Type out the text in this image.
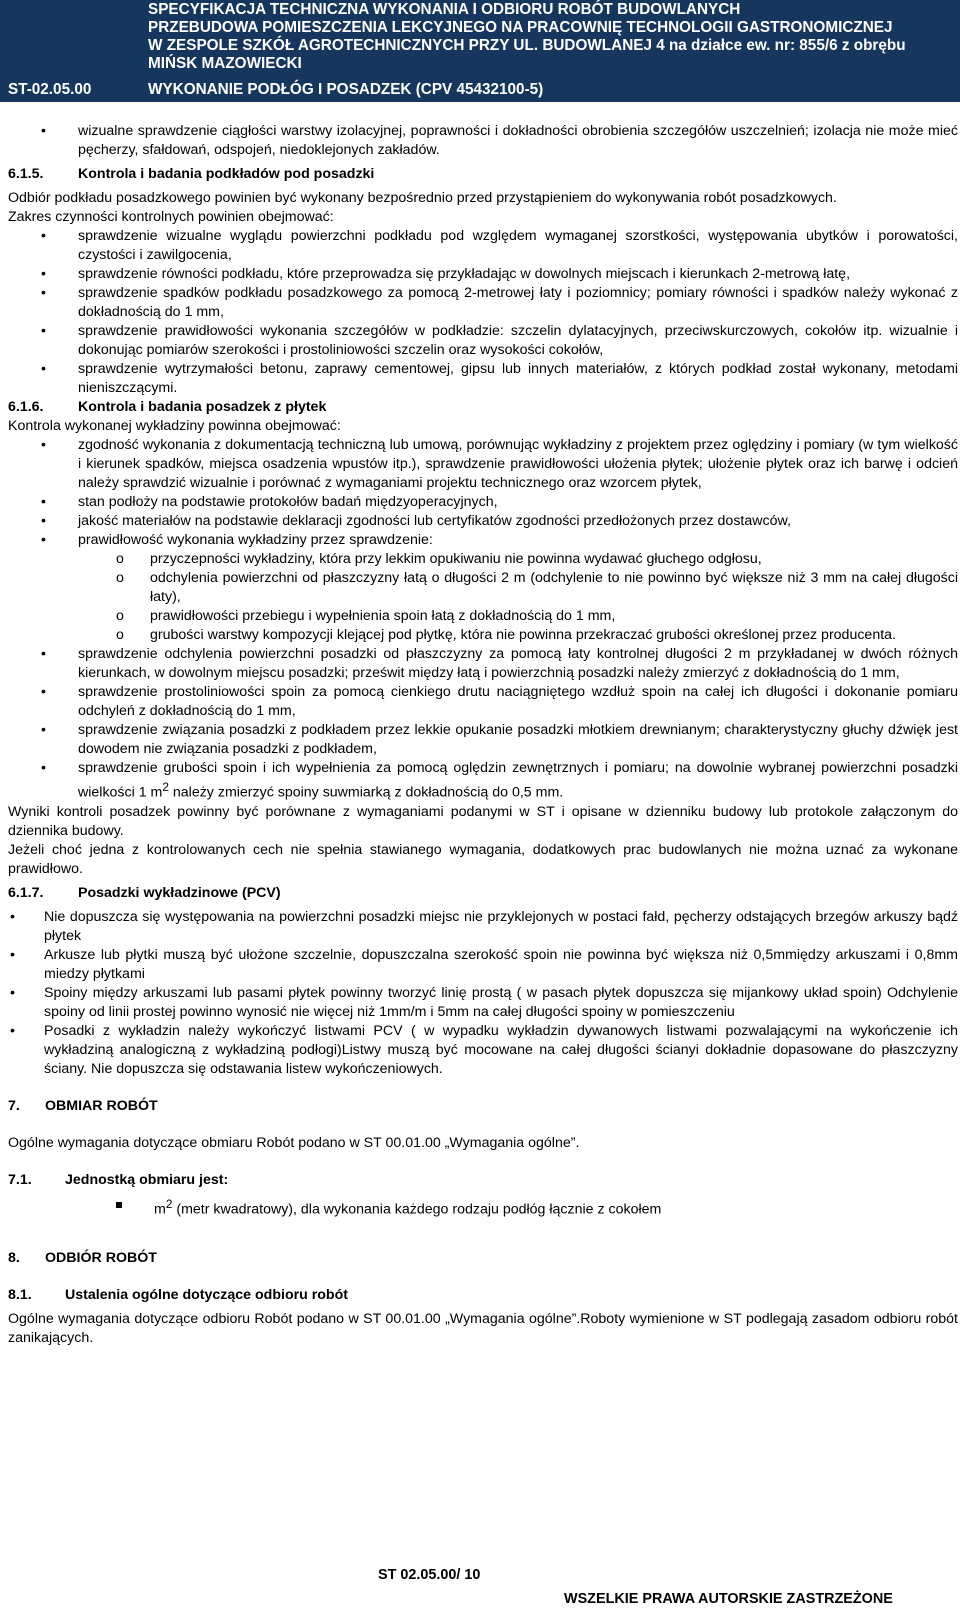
SPECYFIKACJA TECHNICZNA WYKONANIA I ODBIORU ROBÓT BUDOWLANYCH
PRZEBUDOWA POMIESZCZENIA LEKCYJNEGO NA PRACOWNIĘ TECHNOLOGII GASTRONOMICZNEJ
W ZESPOLE SZKÓŁ AGROTECHNICZNYCH PRZY UL. BUDOWLANEJ 4 na działce ew. nr: 855/6 z obrębu
MIŃSK MAZOWIECKI
ST-02.05.00	WYKONANIE PODŁÓG I POSADZEK (CPV 45432100-5)
• wizualne sprawdzenie ciągłości warstwy izolacyjnej, poprawności i dokładności obrobienia szczegółów uszczelnień; izolacja nie może mieć pęcherzy, sfałdowań, odspojeń, niedoklejonych zakładów.
6.1.5.	Kontrola i badania podkładów pod posadzki

Odbiór podkładu posadzkowego powinien być wykonany bezpośrednio przed przystąpieniem do wykonywania robót posadzkowych.

Zakres czynności kontrolnych powinien obejmować:

• sprawdzenie wizualne wyglądu powierzchni podkładu pod względem wymaganej szorstkości, występowania ubytków i porowatości, czystości i zawilgocenia,
• sprawdzenie równości podkładu, które przeprowadza się przykładając w dowolnych miejscach i kierunkach 2-metrową łatę,
• sprawdzenie spadków podkładu posadzkowego za pomocą 2-metrowej łaty i poziomnicy; pomiary równości i spadków należy wykonać z dokładnością do 1 mm,
• sprawdzenie prawidłowości wykonania szczegółów w podkładzie: szczelin dylatacyjnych, przeciwskurczowych, cokołów itp. wizualnie i dokonując pomiarów szerokości i prostoliniowości szczelin oraz wysokości cokołów,
• sprawdzenie wytrzymałości betonu, zaprawy cementowej, gipsu lub innych materiałów, z których podkład został wykonany, metodami nieniszczącymi.
6.1.6.	Kontrola i badania posadzek z płytek

Kontrola wykonanej wykładziny powinna obejmować:

• zgodność wykonania z dokumentacją techniczną lub umową, porównując wykładziny z projektem przez oględziny i pomiary (w tym wielkość i kierunek spadków, miejsca osadzenia wpustów itp.), sprawdzenie prawidłowości ułożenia płytek; ułożenie płytek oraz ich barwę i odcień należy sprawdzić wizualnie i porównać z wymaganiami projektu technicznego oraz wzorcem płytek,
• stan podłoży na podstawie protokołów badań międzyoperacyjnych,
• jakość materiałów na podstawie deklaracji zgodności lub certyfikatów zgodności przedłożonych przez dostawców,
• prawidłowość wykonania wykładziny przez sprawdzenie:
o przyczepności wykładziny, która przy lekkim opukiwaniu nie powinna wydawać głuchego odgłosu,
o odchylenia powierzchni od płaszczyzny łatą o długości 2 m (odchylenie to nie powinno być większe niż 3 mm na całej długości łaty),
o prawidłowości przebiegu i wypełnienia spoin łatą z dokładnością do 1 mm,
o grubości warstwy kompozycji klejącej pod płytkę, która nie powinna przekraczać grubości określonej przez producenta.
• sprawdzenie odchylenia powierzchni posadzki od płaszczyzny za pomocą łaty kontrolnej długości 2 m przykładanej w dwóch różnych kierunkach, w dowolnym miejscu posadzki; prześwit między łatą i powierzchnią posadzki należy zmierzyć z dokładnością do 1 mm,
• sprawdzenie prostoliniowości spoin za pomocą cienkiego drutu naciągniętego wzdłuż spoin na całej ich długości i dokonanie pomiaru odchyleń z dokładnością do 1 mm,
• sprawdzenie związania posadzki z podkładem przez lekkie opukanie posadzki młotkiem drewnianym; charakterystyczny głuchy dźwięk jest dowodem nie związania posadzki z podkładem,
• sprawdzenie grubości spoin i ich wypełnienia za pomocą oględzin zewnętrznych i pomiaru; na dowolnie wybranej powierzchni posadzki wielkości 1 $m^2$ należy zmierzyć spoiny suwmiarką z dokładnością do 0,5 mm.

Wyniki kontroli posadzek powinny być porównane z wymaganiami podanymi w ST i opisane w dzienniku budowy lub protokole załączonym do dziennika budowy.

Jeżeli choć jedna z kontrolowanych cech nie spełnia stawianego wymagania, dodatkowych prac budowlanych nie można uznać za wykonane prawidłowo.

6.1.7.	Posadzki wykładzinowe (PCV)
• Nie dopuszcza się występowania na powierzchni posadzki miejsc nie przyklejonych w postaci fałd, pęcherzy odstających brzegów arkuszy bądź płytek
• Arkusze lub płytki muszą być ułożone szczelnie, dopuszczalna szerokość spoin nie powinna być większa niż 0,5mmiędzy arkuszami i 0,8mm miedzy płytkami
• Spoiny między arkuszami lub pasami płytek powinny tworzyć linię prostą ( w pasach płytek dopuszcza się mijankowy układ spoin) Odchylenie spoiny od linii prostej powinno wynosić nie więcej niż 1mm/m i 5mm na całej długości spoiny w pomieszczeniu
• Posadki z wykładzin należy wykończyć listwami PCV ( w wypadku wykładzin dywanowych listwami pozwalającymi na wykończenie ich wykładziną analogiczną z wykładziną podłogi)Listwy muszą być mocowane na całej długości ścianyi dokładnie dopasowane do płaszczyzny ściany. Nie dopuszcza się odstawania listew wykończeniowych.
7.	OBMIAR ROBÓT

Ogólne wymagania dotyczące obmiaru Robót podano w ST 00.01.00 „Wymagania ogólne”.

7.1.	Jednostką obmiaru jest:
$m^2$ (metr kwadratowy), dla wykonania każdego rodzaju podłóg łącznie z cokołem
8.	ODBIÓR ROBÓT
8.1.	Ustalenia ogólne dotyczące odbioru robót

Ogólne wymagania dotyczące odbioru Robót podano w ST 00.01.00 „Wymagania ogólne”.Roboty wymienione w ST podlegają zasadom odbioru robót zanikających.

ST 02.05.00/ 10
WSZELKIE PRAWA AUTORSKIE ZASTRZEŻONE
